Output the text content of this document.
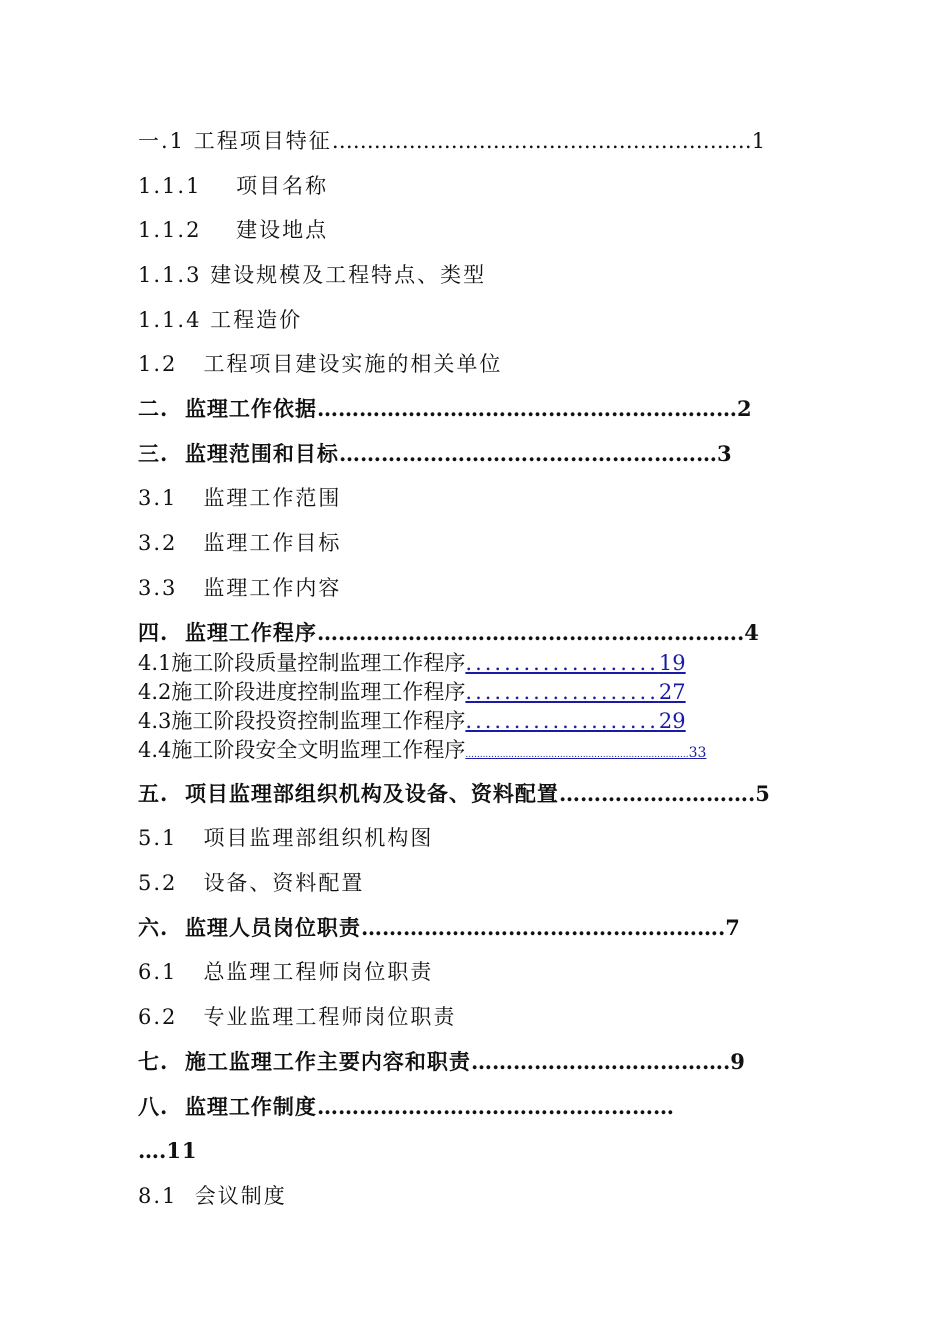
一.1 工程项目特征……………………………………………………1
1.1.1 项目名称
1.1.2 建设地点
1.1.3 建设规模及工程特点、类型
1.1.4 工程造价
1.2 工程项目建设实施的相关单位
二. 监理工作依据……………………………………………………2
三. 监理范围和目标………………………………………………3
3.1 监理工作范围
3.2 监理工作目标
3.3 监理工作内容
四. 监理工作程序…………………………………………………….4
4.1施工阶段质量控制监理工作程序....................19
4.2施工阶段进度控制监理工作程序....................27
4.3施工阶段投资控制监理工作程序....................29
4.4施工阶段安全文明监理工作程序..............................................................................33
五. 项目监理部组织机构及设备、资料配置……………………….5
5.1 项目监理部组织机构图
5.2 设备、资料配置
六. 监理人员岗位职责…………………………………………….7
6.1 总监理工程师岗位职责
6.2 专业监理工程师岗位职责
七. 施工监理工作主要内容和职责……………………………….9
八. 监理工作制度……………………………………………
….11
8.1 会议制度
